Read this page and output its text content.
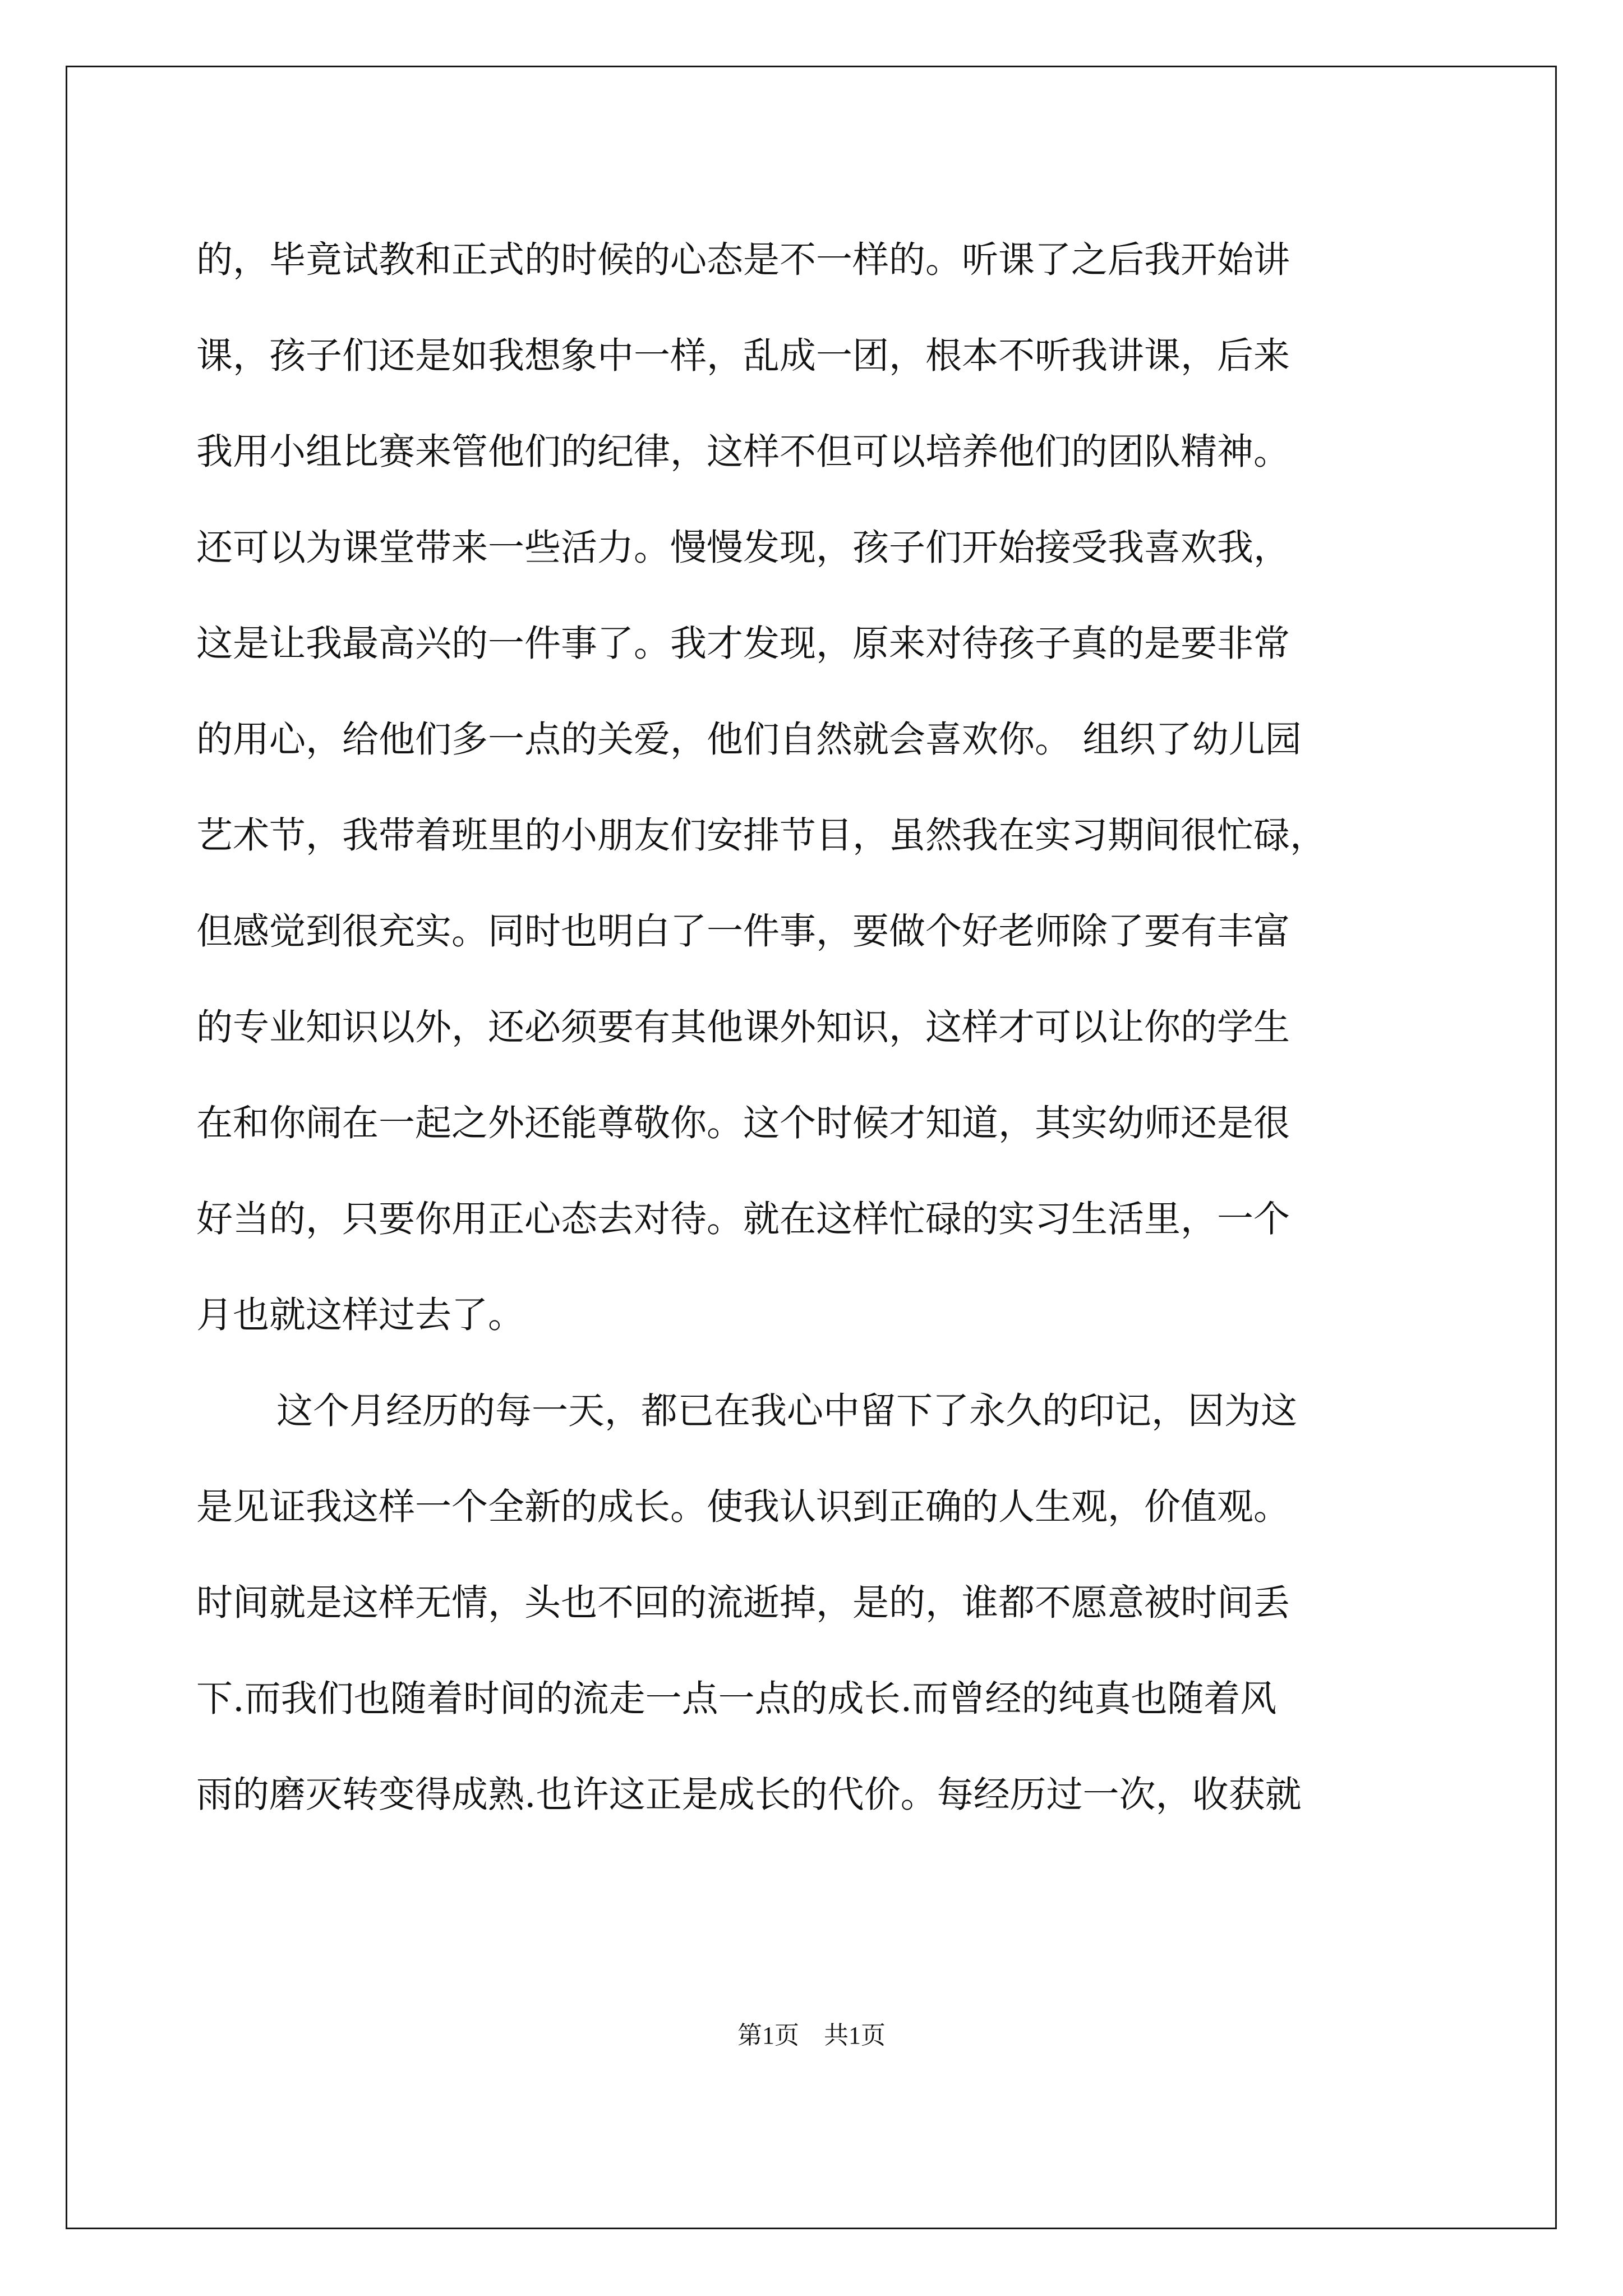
的，毕竟试教和正式的时候的心态是不一样的。听课了之后我开始讲
课，孩子们还是如我想象中一样，乱成一团，根本不听我讲课，后来
我用小组比赛来管他们的纪律，这样不但可以培养他们的团队精神。
还可以为课堂带来一些活力。慢慢发现，孩子们开始接受我喜欢我，
这是让我最高兴的一件事了。我才发现，原来对待孩子真的是要非常
的用心，给他们多一点的关爱，他们自然就会喜欢你。 组织了幼儿园
艺术节，我带着班里的小朋友们安排节目，虽然我在实习期间很忙碌，
但感觉到很充实。同时也明白了一件事，要做个好老师除了要有丰富
的专业知识以外，还必须要有其他课外知识，这样才可以让你的学生
在和你闹在一起之外还能尊敬你。这个时候才知道，其实幼师还是很
好当的，只要你用正心态去对待。就在这样忙碌的实习生活里，一个
月也就这样过去了。
这个月经历的每一天，都已在我心中留下了永久的印记，因为这
是见证我这样一个全新的成长。使我认识到正确的人生观，价值观。
时间就是这样无情，头也不回的流逝掉，是的，谁都不愿意被时间丢
下.而我们也随着时间的流走一点一点的成长.而曾经的纯真也随着风
雨的磨灭转变得成熟.也许这正是成长的代价。每经历过一次，收获就
第1页　共1页
